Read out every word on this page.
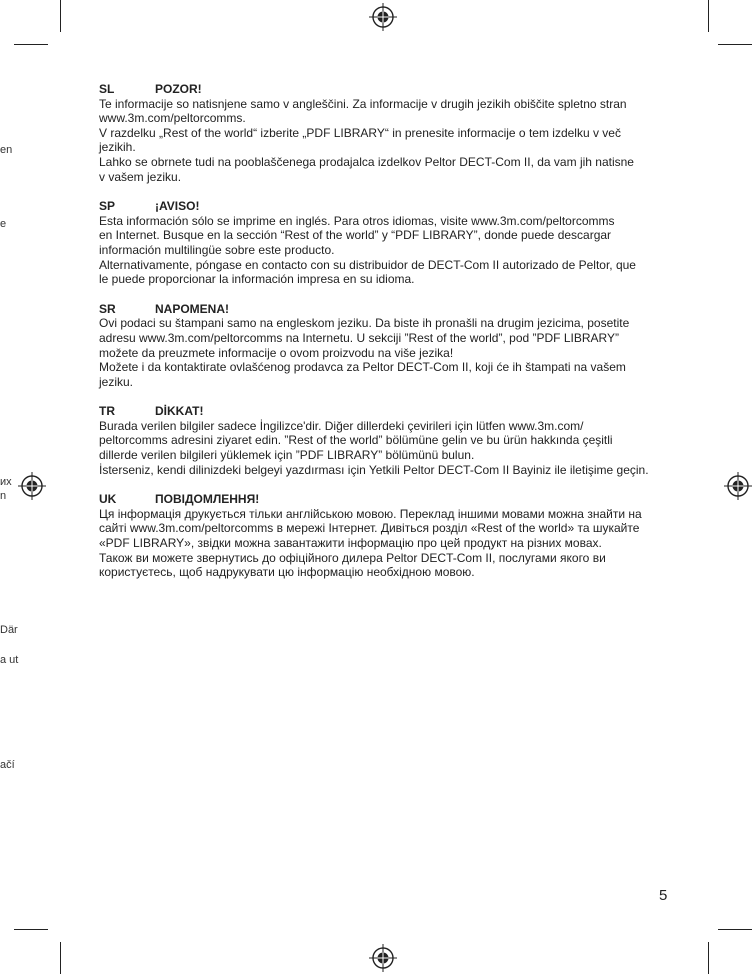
en
e
их
n
Där
a ut
ačí
SL	POZOR!

Te informacije so natisnjene samo v angleščini. Za informacije v drugih jezikih obiščite spletno stran

www.3m.com/peltorcomms.

V razdelku „Rest of the world“ izberite „PDF LIBRARY“ in prenesite informacije o tem izdelku v več

jezikih.

Lahko se obrnete tudi na pooblaščenega prodajalca izdelkov Peltor DECT-Com II, da vam jih natisne

v vašem jeziku.

SP	¡AVISO!

Esta información sólo se imprime en inglés. Para otros idiomas, visite www.3m.com/peltorcomms

en Internet. Busque en la sección “Rest of the world” y “PDF LIBRARY”, donde puede descargar

información multilingüe sobre este producto.

Alternativamente, póngase en contacto con su distribuidor de DECT-Com II autorizado de Peltor, que

le puede proporcionar la información impresa en su idioma.

SR	NAPOMENA!

Ovi podaci su štampani samo na engleskom jeziku. Da biste ih pronašli na drugim jezicima, posetite

adresu www.3m.com/peltorcomms na Internetu. U sekciji ”Rest of the world”, pod ”PDF LIBRARY”

možete da preuzmete informacije o ovom proizvodu na više jezika!

Možete i da kontaktirate ovlašćenog prodavca za Peltor DECT-Com II, koji će ih štampati na vašem

jeziku.

TR	DİKKAT!

Burada verilen bilgiler sadece İngilizce'dir. Diğer dillerdeki çevirileri için lütfen www.3m.com/

peltorcomms adresini ziyaret edin. ”Rest of the world” bölümüne gelin ve bu ürün hakkında çeşitli

dillerde verilen bilgileri yüklemek için ”PDF LIBRARY” bölümünü bulun.

İsterseniz, kendi dilinizdeki belgeyi yazdırması için Yetkili Peltor DECT-Com II Bayiniz ile iletişime geçin.

UK	ПОВІДОМЛЕННЯ!

Ця інформація друкується тільки англійською мовою. Переклад іншими мовами можна знайти на

сайті www.3m.com/peltorcomms в мережі Інтернет. Дивіться розділ «Rest of the world» та шукайте

«PDF LIBRARY», звідки можна завантажити інформацію про цей продукт на різних мовах.

Також ви можете звернутись до офіційного дилера Peltor DECT-Com II, послугами якого ви

користуєтесь, щоб надрукувати цю інформацію необхідною мовою.

5
